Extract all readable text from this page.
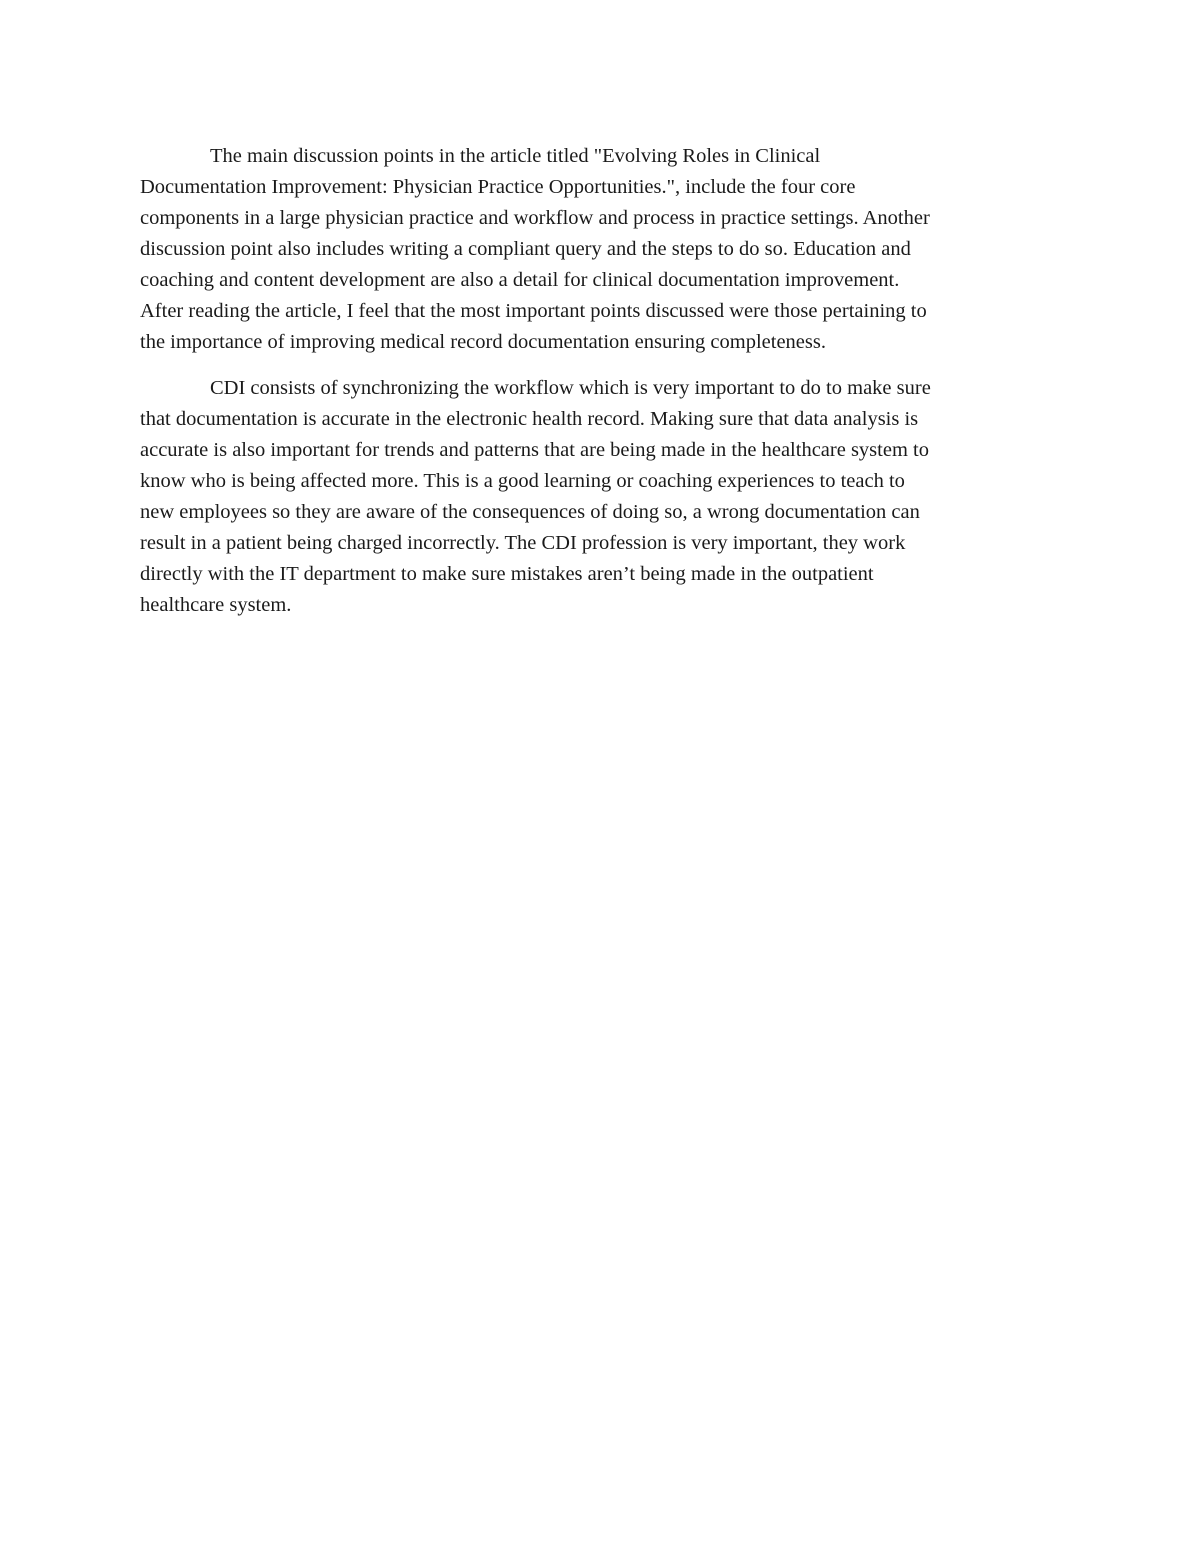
The main discussion points in the article titled "Evolving Roles in Clinical
Documentation Improvement: Physician Practice Opportunities.", include the four core
components in a large physician practice and workflow and process in practice settings. Another
discussion point also includes writing a compliant query and the steps to do so. Education and
coaching and content development are also a detail for clinical documentation improvement.
After reading the article, I feel that the most important points discussed were those pertaining to
the importance of improving medical record documentation ensuring completeness.
CDI consists of synchronizing the workflow which is very important to do to make sure
that documentation is accurate in the electronic health record. Making sure that data analysis is
accurate is also important for trends and patterns that are being made in the healthcare system to
know who is being affected more. This is a good learning or coaching experiences to teach to
new employees so they are aware of the consequences of doing so, a wrong documentation can
result in a patient being charged incorrectly. The CDI profession is very important, they work
directly with the IT department to make sure mistakes aren’t being made in the outpatient
healthcare system.
